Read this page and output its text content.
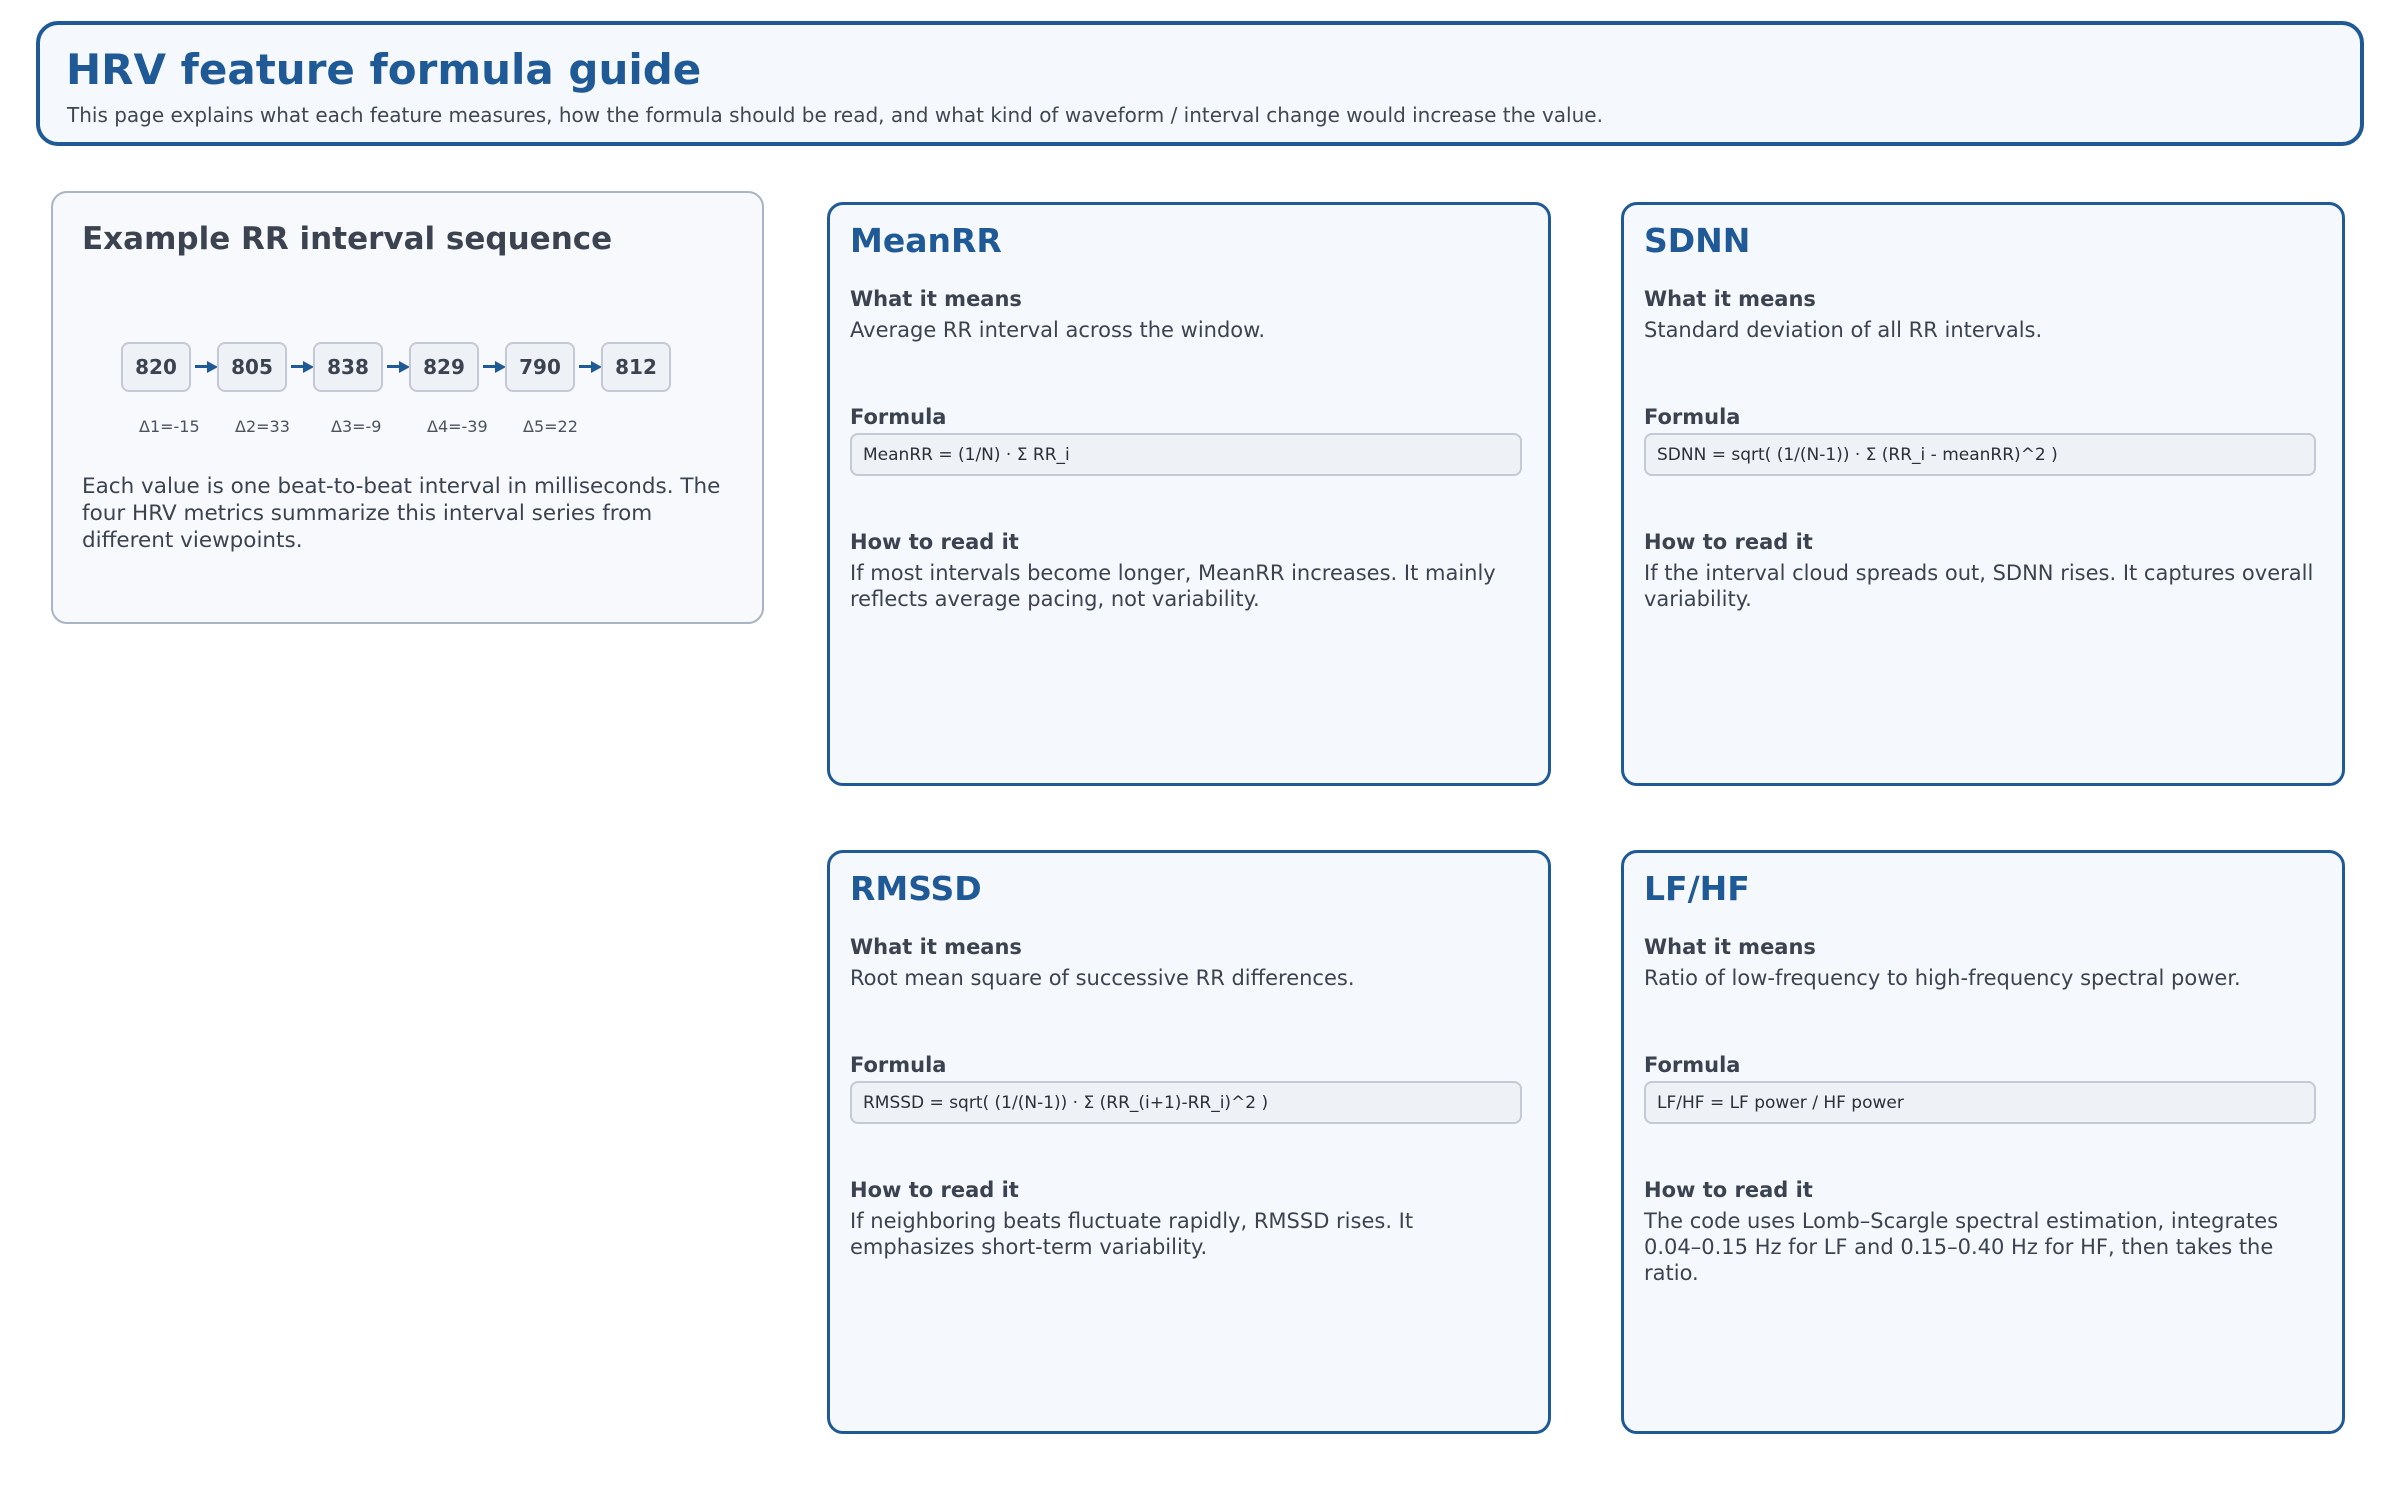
HRV feature formula guide
This page explains what each feature measures, how the formula should be read, and what kind of waveform / interval change would increase the value.
Example RR interval sequence
820	805	838	829	790	812
Δ1=-15 Δ2=33	Δ3=-9	Δ4=-39 Δ5=22
Each value is one beat-to-beat interval in milliseconds. The four HRV metrics summarize this interval series from different viewpoints.
MeanRR
What it means
Average RR interval across the window.
Formula
MeanRR = (1/N) · Σ RR_i
How to read it
If most intervals become longer, MeanRR increases. It mainly reflects average pacing, not variability.
SDNN
What it means
Standard deviation of all RR intervals.
Formula
SDNN = sqrt( (1/(N-1)) · Σ (RR_i - meanRR)^2 )
How to read it
If the interval cloud spreads out, SDNN rises. It captures overall variability.
RMSSD
What it means
Root mean square of successive RR differences.
Formula
RMSSD = sqrt( (1/(N-1)) · Σ (RR_(i+1)-RR_i)^2 )
How to read it
If neighboring beats fluctuate rapidly, RMSSD rises. It emphasizes short-term variability.
LF/HF
What it means
Ratio of low-frequency to high-frequency spectral power.
Formula
LF/HF = LF power / HF power
How to read it
The code uses Lomb–Scargle spectral estimation, integrates 0.04–0.15 Hz for LF and 0.15–0.40 Hz for HF, then takes the ratio.
